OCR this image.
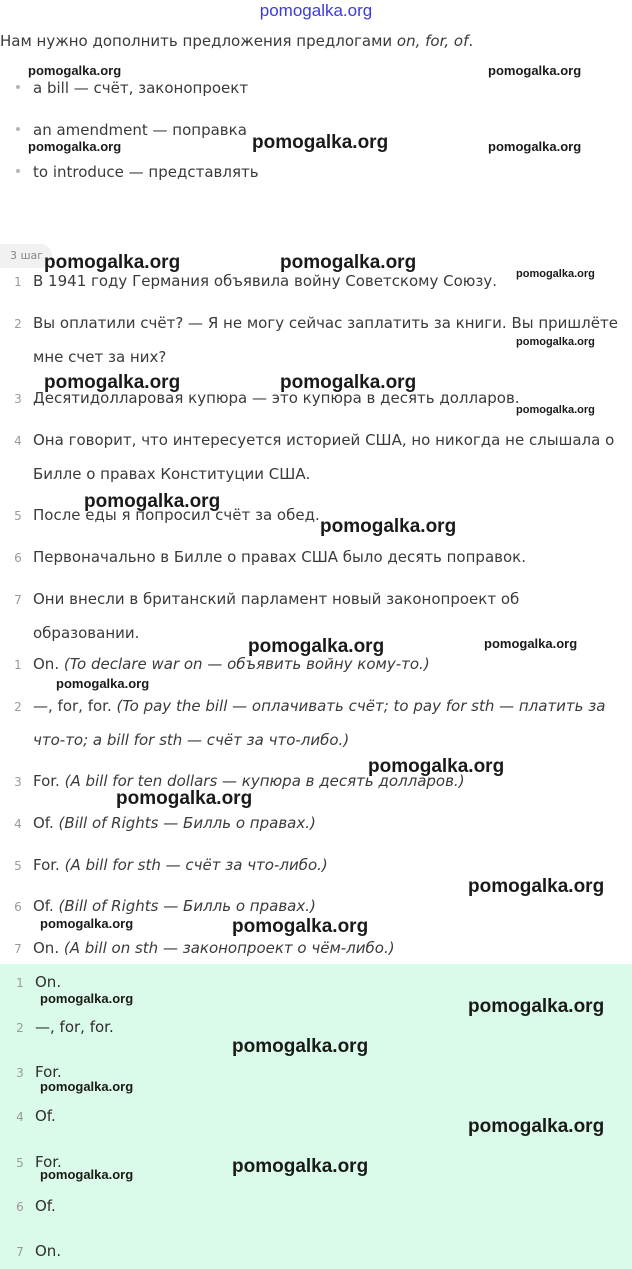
pomogalka.org
Нам нужно дополнить предложения предлогами on, for, of.
a bill — счёт, законопроект
an amendment — поправка
to introduce — представлять
3 шаг
1 В 1941 году Германия объявила войну Советскому Союзу.
2 Вы оплатили счёт? — Я не могу сейчас заплатить за книги. Вы пришлёте
мне счет за них?
3 Десятидолларовая купюра — это купюра в десять долларов.
4 Она говорит, что интересуется историей США, но никогда не слышала о
Билле о правах Конституции США.
5 После еды я попросил счёт за обед.
6 Первоначально в Билле о правах США было десять поправок.
7 Они внесли в британский парламент новый законопроект об
образовании.
1 On. (To declare war on — объявить войну кому-то.)
2 —, for, for. (To pay the bill — оплачивать счёт; to pay for sth — платить за
что-то; a bill for sth — счёт за что-либо.)
3 For. (A bill for ten dollars — купюра в десять долларов.)
4 Of. (Bill of Rights — Билль о правах.)
5 For. (A bill for sth — счёт за что-либо.)
6 Of. (Bill of Rights — Билль о правах.)
7 On. (A bill on sth — законопроект о чём-либо.)
1 On.
2 —, for, for.
3 For.
4 Of.
5 For.
6 Of.
7 On.
pomogalka.org	pomogalka.org
pomogalka.org	pomogalka.org	pomogalka.org
pomogalka.org	pomogalka.org
pomogalka.org
pomogalka.org
pomogalka.org	pomogalka.org
pomogalka.org
pomogalka.org
pomogalka.org
pomogalka.org	pomogalka.org
pomogalka.org
pomogalka.org
pomogalka.org
pomogalka.org
pomogalka.org	pomogalka.org
pomogalka.org	pomogalka.org
pomogalka.org
pomogalka.org
pomogalka.org
pomogalka.org
pomogalka.org
